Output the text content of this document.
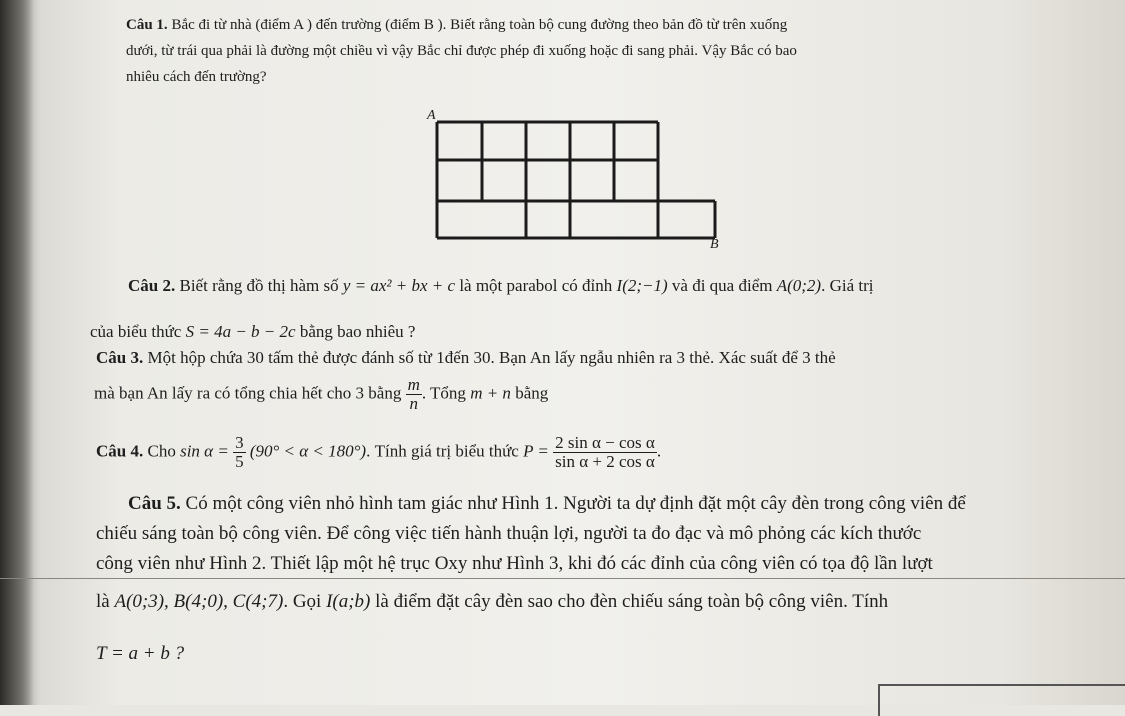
Câu 1. Bắc đi từ nhà (điểm A ) đến trường (điểm B ). Biết rằng toàn bộ cung đường theo bản đồ từ trên xuống
dưới, từ trái qua phải là đường một chiều vì vậy Bắc chỉ được phép đi xuống hoặc đi sang phải. Vậy Bắc có bao
nhiêu cách đến trường?
A
B
Câu 2. Biết rằng đồ thị hàm số y = ax² + bx + c là một parabol có đỉnh I(2;−1) và đi qua điểm A(0;2). Giá trị
của biểu thức S = 4a − b − 2c bằng bao nhiêu ?
Câu 3. Một hộp chứa 30 tấm thẻ được đánh số từ 1đến 30. Bạn An lấy ngẫu nhiên ra 3 thẻ. Xác suất để 3 thẻ
mà bạn An lấy ra có tổng chia hết cho 3 bằng $\frac{m}{n}$ . Tổng m + n bằng
Câu 4. Cho $\sin \alpha = \frac{3}{5} (90^\circ < \alpha < 180^\circ)$. Tính giá trị biểu thức $P = \frac{\text{2 sin α − cos α}}{\text{sin α + 2 cos α}}$ .
Câu 5. Có một công viên nhỏ hình tam giác như Hình 1. Người ta dự định đặt một cây đèn trong công viên để
chiếu sáng toàn bộ công viên. Để công việc tiến hành thuận lợi, người ta đo đạc và mô phỏng các kích thước
công viên như Hình 2. Thiết lập một hệ trục Oxy như Hình 3, khi đó các đỉnh của công viên có tọa độ lần lượt
là A(0;3), B(4;0), C(4;7). Gọi I(a;b) là điểm đặt cây đèn sao cho đèn chiếu sáng toàn bộ công viên. Tính
T = a + b ?
